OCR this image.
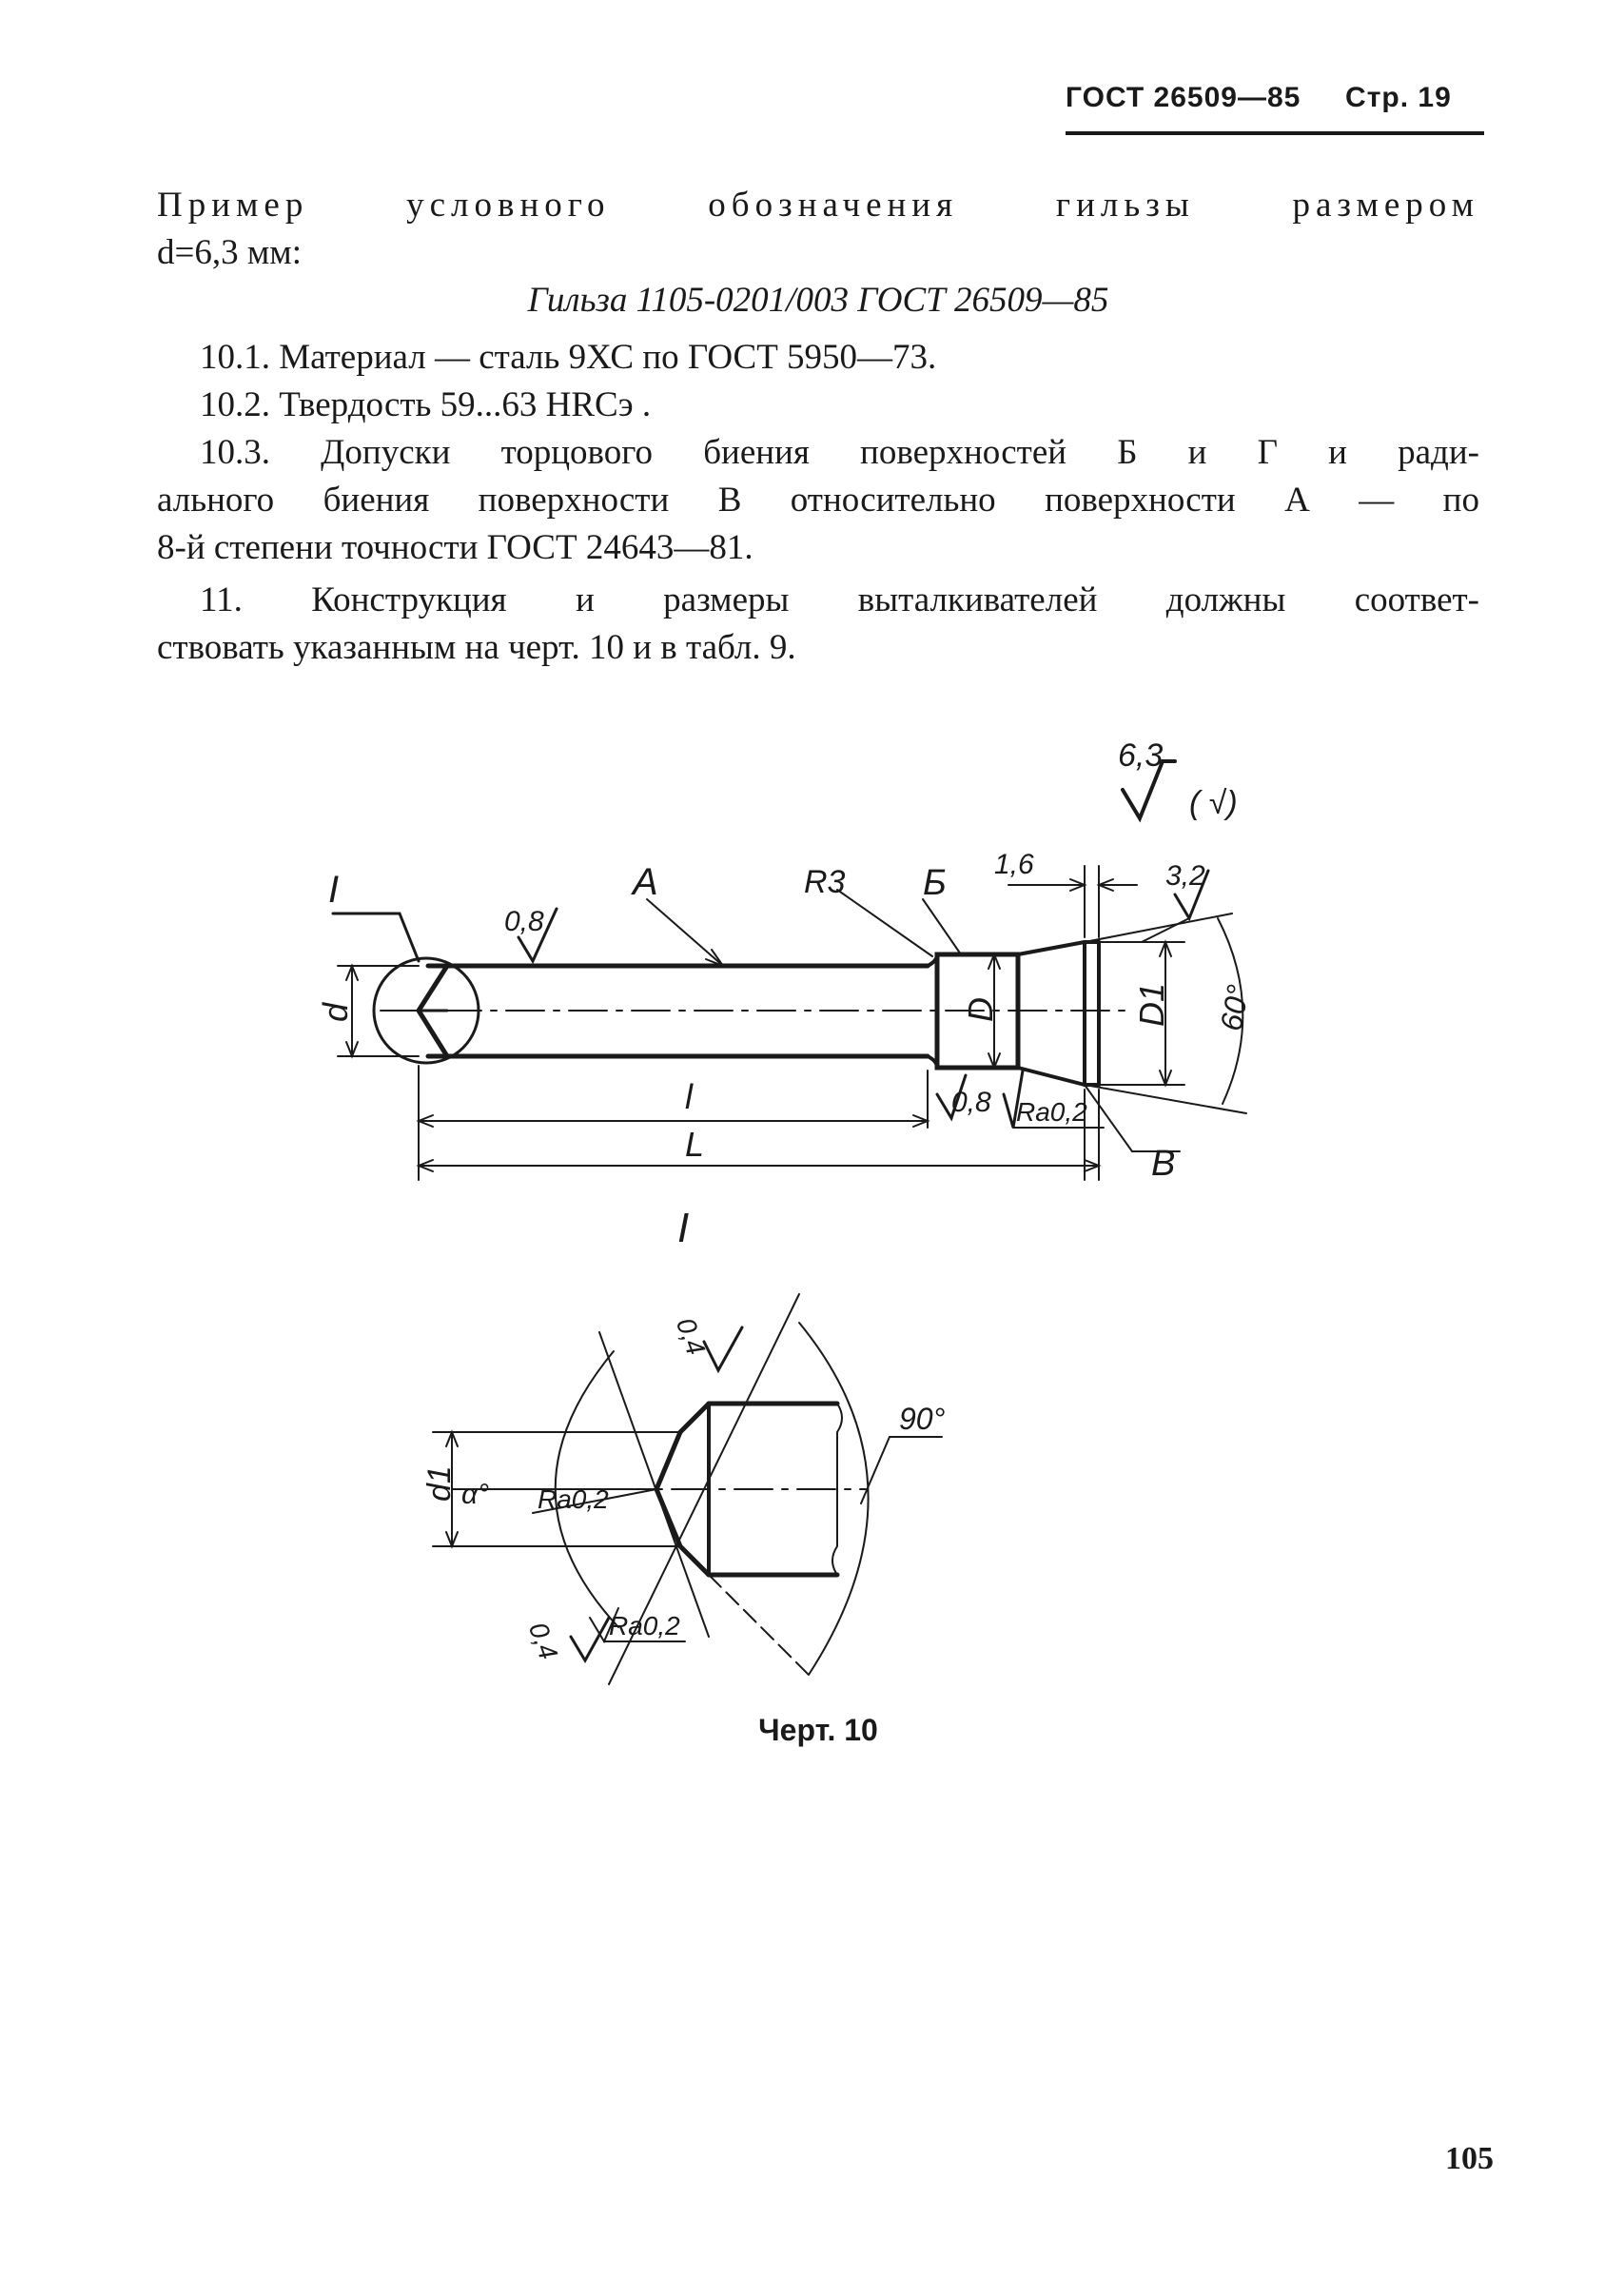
ГОСТ 26509—85 Стр. 19
Пример условного обозначения гильзы размером
d=6,3 мм:
Гильза 1105-0201/003 ГОСТ 26509—85
10.1. Материал — сталь 9ХС по ГОСТ 5950—73.
10.2. Твердость 59...63 HRCэ .
10.3. Допуски торцового биения поверхностей Б и Г и ради-
ального биения поверхности В относительно поверхности А — по
8-й степени точности ГОСТ 24643—81.
11. Конструкция и размеры выталкивателей должны соответ-
ствовать указанным на черт. 10 и в табл. 9.
6,3
( √)
I	A	R3 Б
В
1,6	3,2
0,8
0,8 Ra0,2
d	D	D1 60°
l
L
I
0,4
0,4
Ra0,2
Ra0,2
d1 α°
90°
Черт. 10
105
